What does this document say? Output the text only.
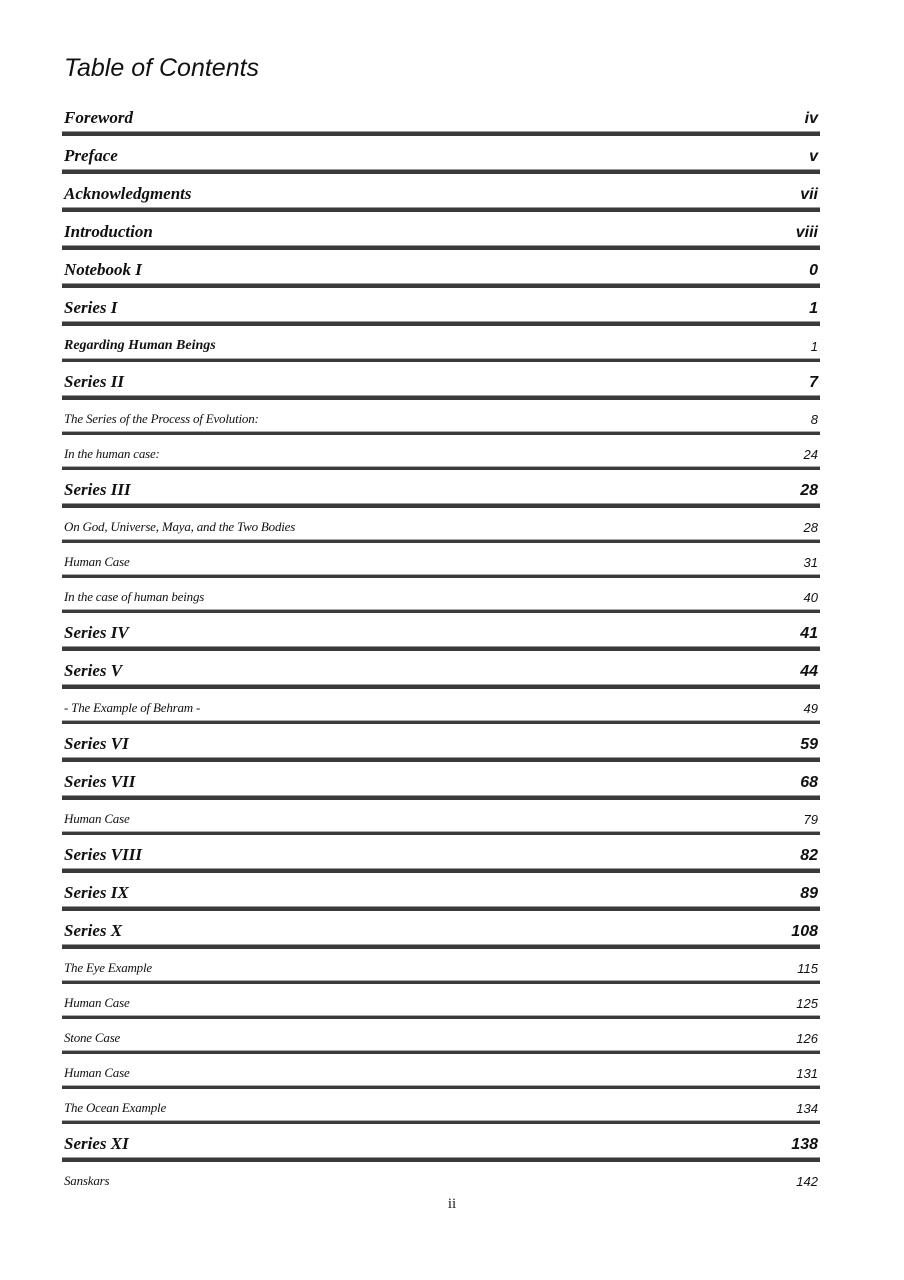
Table of Contents
Foreword	iv
Preface	v
Acknowledgments	vii
Introduction	viii
Notebook I	0
Series I	1
Regarding Human Beings	1
Series II	7
The Series of the Process of Evolution:	8
In the human case:	24
Series III	28
On God, Universe, Maya, and the Two Bodies	28
Human Case	31
In the case of human beings	40
Series IV	41
Series V	44
- The Example of Behram -	49
Series VI	59
Series VII	68
Human Case	79
Series VIII	82
Series IX	89
Series X	108
The Eye Example	115
Human Case	125
Stone Case	126
Human Case	131
The Ocean Example	134
Series XI	138
Sanskars	142
ii
